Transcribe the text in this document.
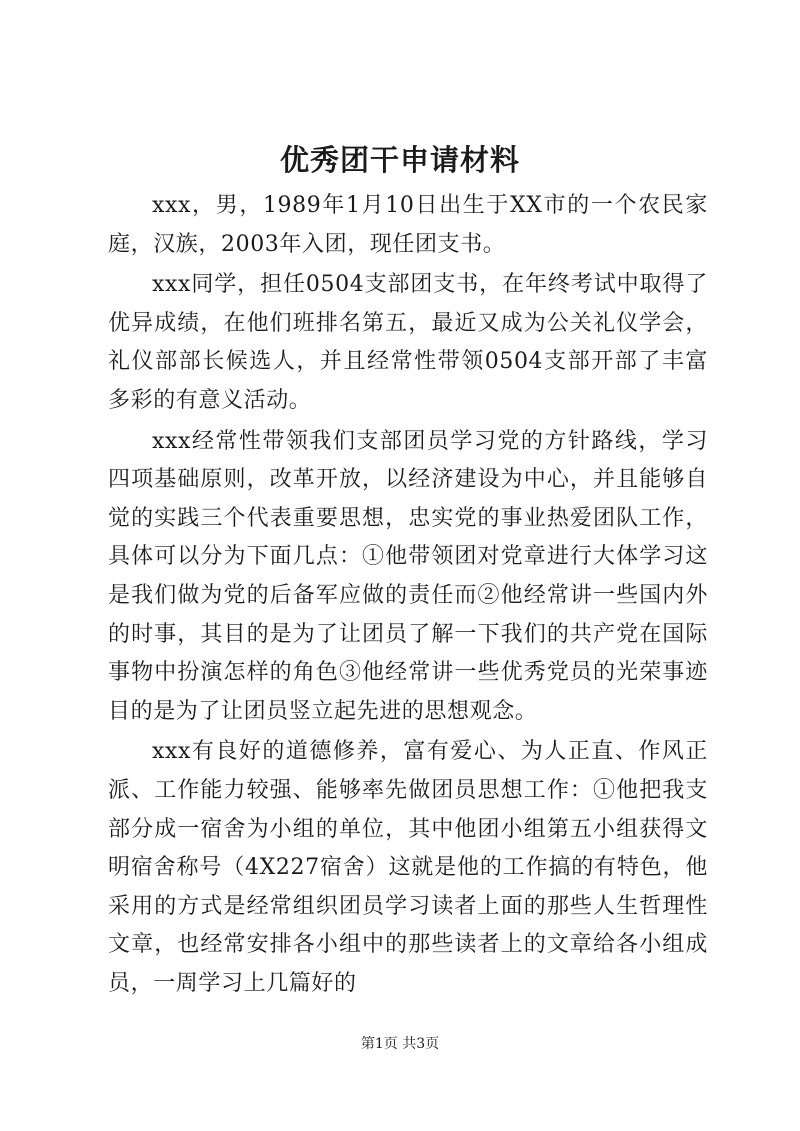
优秀团干申请材料

xxx，男，1989年1月10日出生于XX市的一个农民家庭，汉族，2003年入团，现任团支书。

xxx同学，担任0504支部团支书，在年终考试中取得了优异成绩，在他们班排名第五，最近又成为公关礼仪学会，礼仪部部长候选人，并且经常性带领0504支部开部了丰富多彩的有意义活动。

xxx经常性带领我们支部团员学习党的方针路线，学习四项基础原则，改革开放，以经济建设为中心，并且能够自觉的实践三个代表重要思想，忠实党的事业热爱团队工作，具体可以分为下面几点：①他带领团对党章进行大体学习这是我们做为党的后备军应做的责任而②他经常讲一些国内外的时事，其目的是为了让团员了解一下我们的共产党在国际事物中扮演怎样的角色③他经常讲一些优秀党员的光荣事迹目的是为了让团员竖立起先进的思想观念。

xxx有良好的道德修养，富有爱心、为人正直、作风正派、工作能力较强、能够率先做团员思想工作：①他把我支部分成一宿舍为小组的单位，其中他团小组第五小组获得文明宿舍称号（4X227宿舍）这就是他的工作搞的有特色，他采用的方式是经常组织团员学习读者上面的那些人生哲理性文章，也经常安排各小组中的那些读者上的文章给各小组成员，一周学习上几篇好的

第1页 共3页
